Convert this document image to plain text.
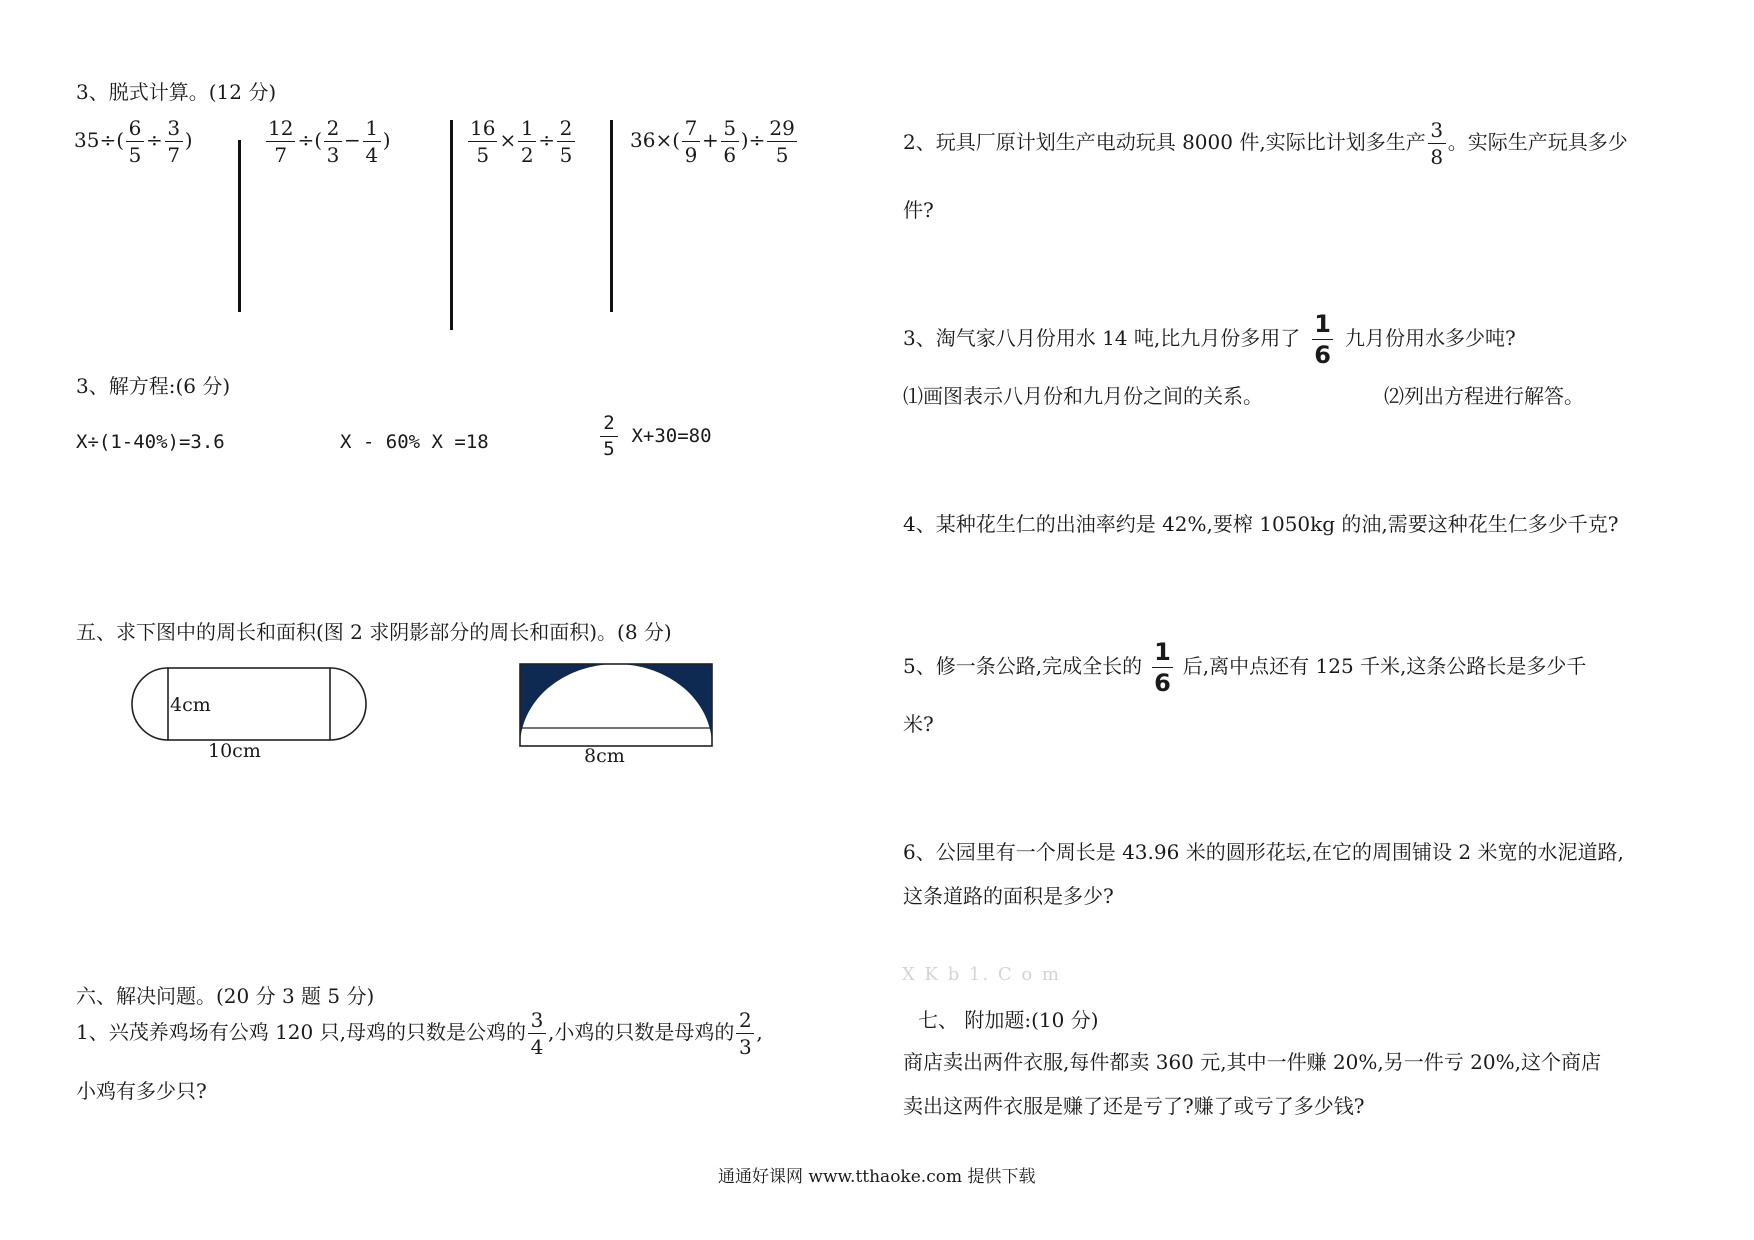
3、脱式计算。(12 分)
$35\div( \frac{6}{5} \div \frac{3}{7}$ )	$\frac{12}{7}$ ÷( $\frac{2}{3} - \frac{1}{4}$ )	$\frac{16}{5} \times \frac{1}{2} \div \frac{2}{5}$	$36\times( \frac{7}{9} + \frac{5}{6}$ )÷ $\frac{29}{5}$
3、解方程:(6 分)
X÷(1-40%)=3.6	X - 60% X =18	$\frac{2}{5} X+30=80$
五、求下图中的周长和面积(图 2 求阴影部分的周长和面积)。(8 分)
4cm
10cm	8cm
六、解决问题。(20 分 3 题 5 分)
1、兴茂养鸡场有公鸡 120 只,母鸡的只数是公鸡的 $\frac{3}{4}$ ,小鸡的只数是母鸡的 $\frac{2}{3}$ ,
小鸡有多少只?
2、玩具厂原计划生产电动玩具 8000 件,实际比计划多生产 $\frac{3}{8}$ 。实际生产玩具多少
件?
3、淘气家八月份用水 14 吨,比九月份多用了 $\frac{1}{6}$ 九月份用水多少吨?
⑴画图表示八月份和九月份之间的关系。	⑵列出方程进行解答。
4、某种花生仁的出油率约是 42%,要榨 1050kg 的油,需要这种花生仁多少千克?
5、修一条公路,完成全长的 $\frac{1}{6}$ 后,离中点还有 125 千米,这条公路长是多少千
米?
6、公园里有一个周长是 43.96 米的圆形花坛,在它的周围铺设 2 米宽的水泥道路,
这条道路的面积是多少?
X K b 1. C o m
七、 附加题:(10 分)
商店卖出两件衣服,每件都卖 360 元,其中一件赚 20%,另一件亏 20%,这个商店
卖出这两件衣服是赚了还是亏了?赚了或亏了多少钱?
通通好课网 www.tthaoke.com 提供下载
